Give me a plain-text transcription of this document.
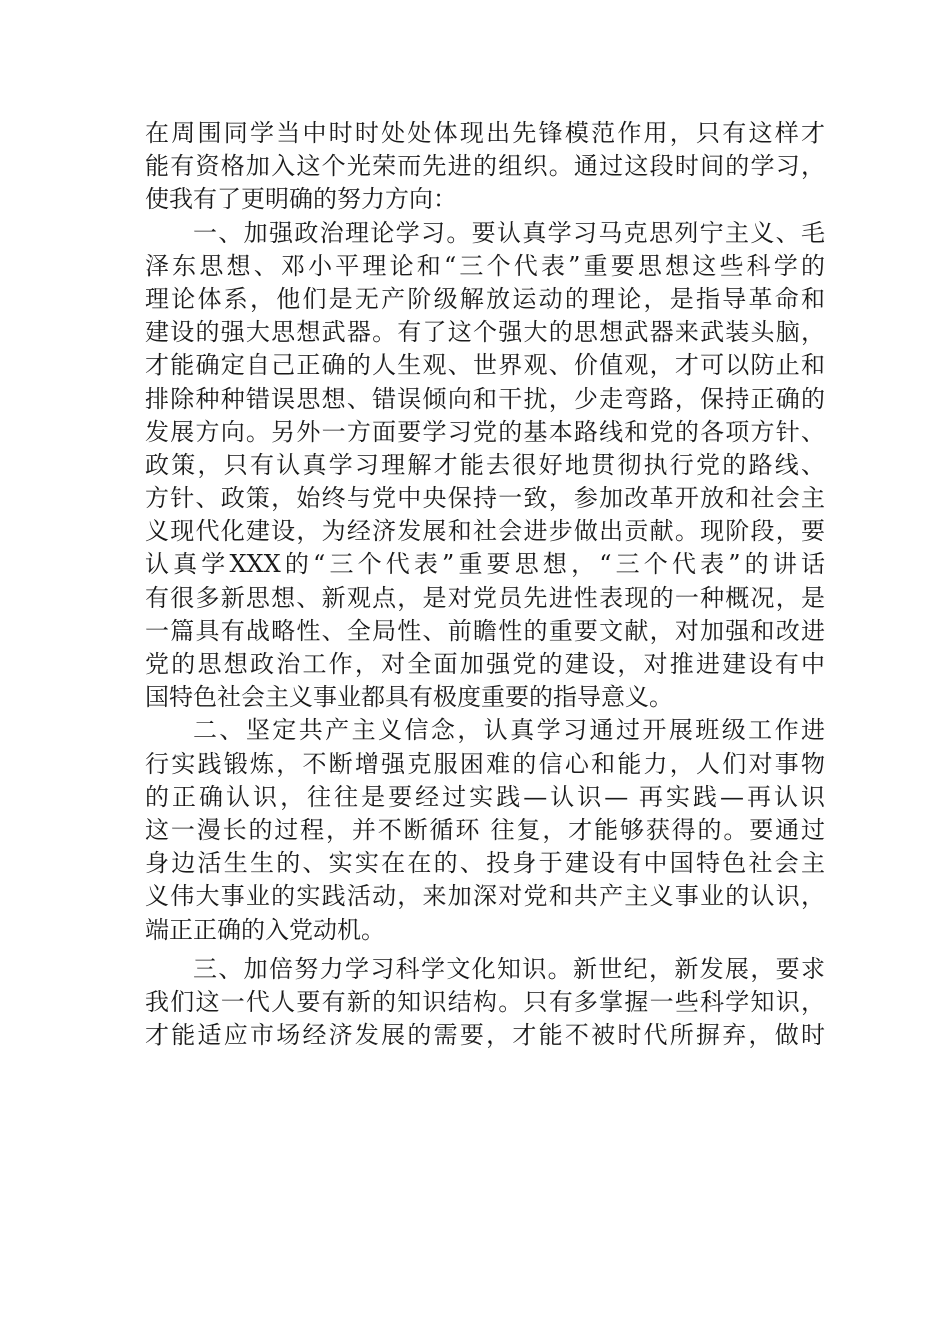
在周围同学当中时时处处体现出先锋模范作用，只有这样才
能有资格加入这个光荣而先进的组织。通过这段时间的学习，
使我有了更明确的努力方向：
一、加强政治理论学习。要认真学习马克思列宁主义、毛
泽东思想、邓小平理论和“三个代表”重要思想这些科学的
理论体系，他们是无产阶级解放运动的理论，是指导革命和
建设的强大思想武器。有了这个强大的思想武器来武装头脑，
才能确定自己正确的人生观、世界观、价值观，才可以防止和
排除种种错误思想、错误倾向和干扰，少走弯路，保持正确的
发展方向。另外一方面要学习党的基本路线和党的各项方针、
政策，只有认真学习理解才能去很好地贯彻执行党的路线、
方针、政策，始终与党中央保持一致，参加改革开放和社会主
义现代化建设，为经济发展和社会进步做出贡献。现阶段，要
认真学XXX的“三个代表”重要思想，“三个代表”的讲话
有很多新思想、新观点，是对党员先进性表现的一种概况，是
一篇具有战略性、全局性、前瞻性的重要文献，对加强和改进
党的思想政治工作，对全面加强党的建设，对推进建设有中
国特色社会主义事业都具有极度重要的指导意义。
二、坚定共产主义信念，认真学习通过开展班级工作进
行实践锻炼，不断增强克服困难的信心和能力，人们对事物
的正确认识，往往是要经过实践—认识— 再实践—再认识
这一漫长的过程，并不断循环 往复，才能够获得的。要通过
身边活生生的、实实在在的、投身于建设有中国特色社会主
义伟大事业的实践活动，来加深对党和共产主义事业的认识，
端正正确的入党动机。
三、加倍努力学习科学文化知识。新世纪，新发展，要求
我们这一代人要有新的知识结构。只有多掌握一些科学知识，
才能适应市场经济发展的需要，才能不被时代所摒弃，做时
